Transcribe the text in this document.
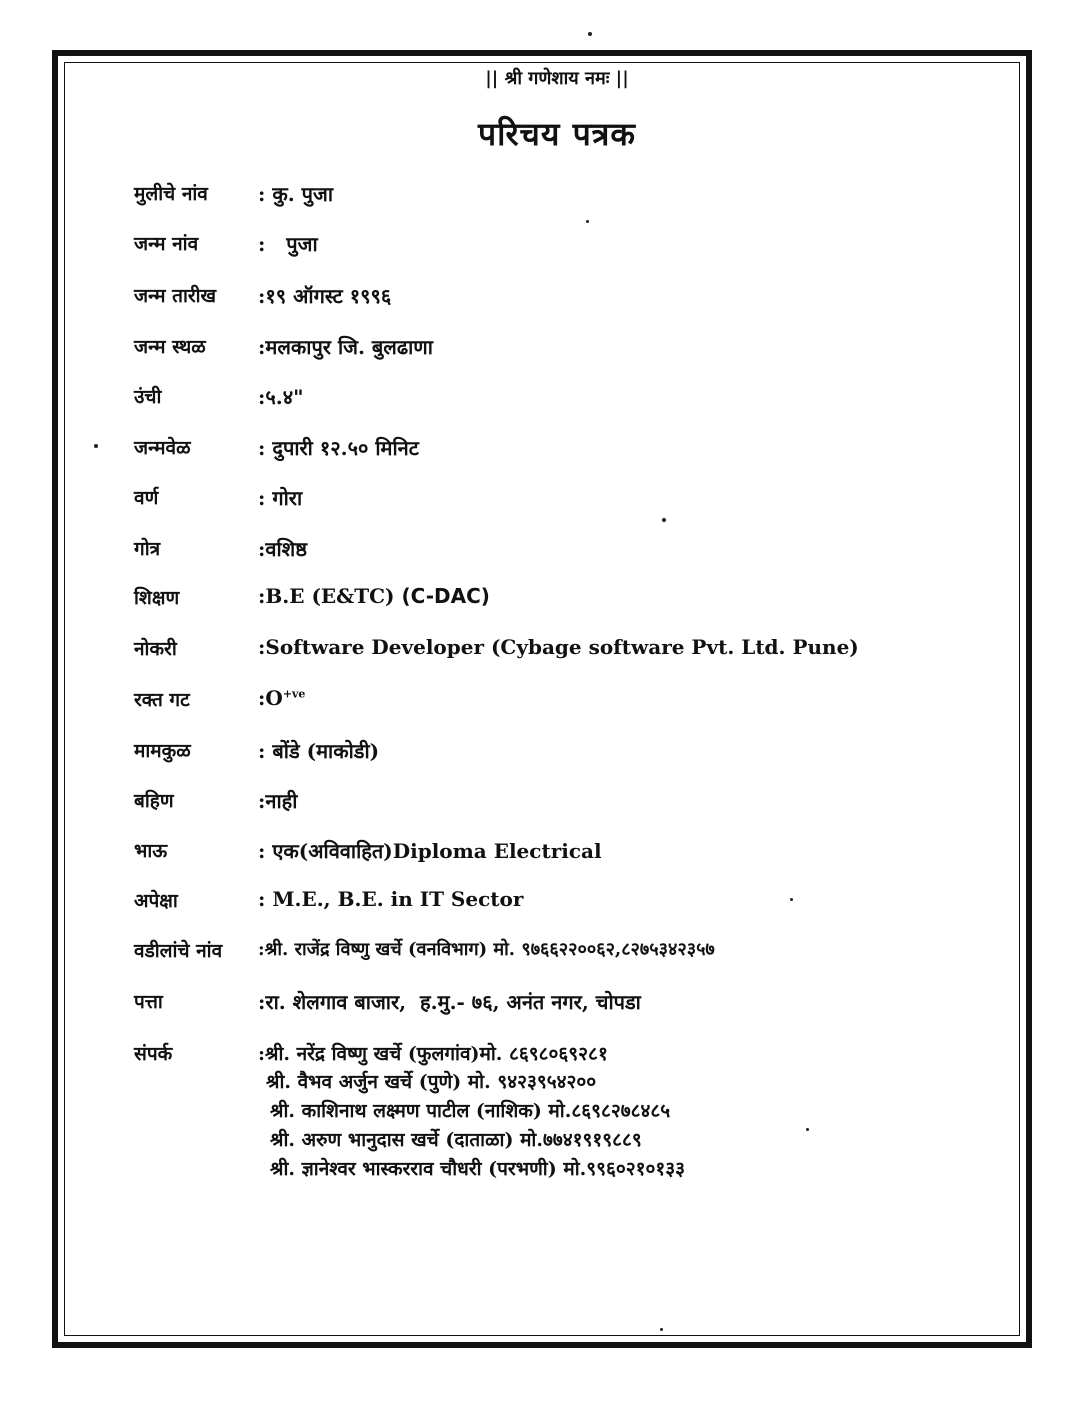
|| श्री गणेशाय नमः ||
परिचय पत्रक
मुलीचे नांव	: कु. पुजा
जन्म नांव	:   पुजा
जन्म तारीख	:१९ ऑगस्ट १९९६
जन्म स्थळ	:मलकापुर जि. बुलढाणा
उंची	:५.४"
जन्मवेळ	: दुपारी १२.५० मिनिट
वर्ण	: गोरा
गोत्र	:वशिष्ठ
शिक्षण	:B.E (E&TC) (C-DAC)
नोकरी	:Software Developer (Cybage software Pvt. Ltd. Pune)
रक्त गट	$:O^{+ve}$
मामकुळ	: बोंडे (माकोडी)
बहिण	:नाही
भाऊ	: एक(अविवाहित)Diploma Electrical
अपेक्षा	: M.E., B.E. in IT Sector
वडीलांचे नांव	:श्री. राजेंद्र विष्णु खर्चे (वनविभाग) मो. ९७६६२२००६२,८२७५३४२३५७
पत्ता	:रा. शेलगाव बाजार,  ह.मु.- ७६, अनंत नगर, चोपडा
संपर्क	:श्री. नरेंद्र विष्णु खर्चे (फुलगांव)मो. ८६९८०६९२८१
श्री. वैभव अर्जुन खर्चे (पुणे) मो. ९४२३९५४२००
श्री. काशिनाथ लक्ष्मण पाटील (नाशिक) मो.८६९८२७८४८५
श्री. अरुण भानुदास खर्चे (दाताळा) मो.७७४१९१९८८९
श्री. ज्ञानेश्वर भास्करराव चौधरी (परभणी) मो.९९६०२१०१३३
